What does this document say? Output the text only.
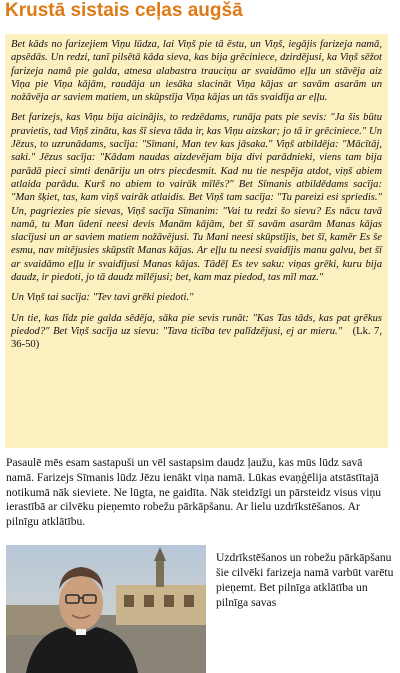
Krustā sistais ceļas augšā

Bet kāds no farizejiem Viņu lūdza, lai Viņš pie tā ēstu, un Viņš, iegājis farizeja namā, apsēdās. Un redzi, tanī pilsētā kāda sieva, kas bija grēciniece, dzirdējusi, ka Viņš sēžot farizeja namā pie galda, atnesa alabastra trauciņu ar svaidāmo eļļu un stāvēja aiz Viņa pie Viņa kājām, raudāja un iesāka slacināt Viņa kājas ar savām asarām un nožāvēja ar saviem matiem, un skūpstīja Viņa kājas un tās svaidīja ar eļļu.

Bet farizejs, kas Viņu bija aicinājis, to redzēdams, runāja pats pie sevis: "Ja šis būtu pravietis, tad Viņš zinātu, kas šī sieva tāda ir, kas Viņu aizskar; jo tā ir grēciniece." Un Jēzus, to uzrunādams, sacīja: "Sīmani, Man tev kas jāsaka." Viņš atbildēja: "Mācītāj, saki." Jēzus sacīja: "Kādam naudas aizdevējam bija divi parādnieki, viens tam bija parādā pieci simti denāriju un otrs piecdesmit. Kad nu tie nespēja atdot, viņš abiem atlaida parādu. Kurš no abiem to vairāk mīlēs?" Bet Sīmanis atbildēdams sacīja: "Man šķiet, tas, kam viņš vairāk atlaidis. Bet Viņš tam sacīja: "Tu pareizi esi spriedis." Un, pagriezies pie sievas, Viņš sacīja Sīmanim: "Vai tu redzi šo sievu? Es nācu tavā namā, tu Man ūdeni neesi devis Manām kājām, bet šī savām asarām Manas kājas slacījusi un ar saviem matiem nožāvējusi. Tu Mani neesi skūpstījis, bet šī, kamēr Es še esmu, nav mitējusies skūpstīt Manas kājas. Ar eļļu tu neesi svaidījis manu galvu, bet šī ar svaidāmo eļļu ir svaidījusi Manas kājas. Tādēļ Es tev saku: viņas grēki, kuru bija daudz, ir piedoti, jo tā daudz mīlējusi; bet, kam maz piedod, tas mīl maz."

Un Viņš tai sacīja: "Tev tavi grēki piedoti."

Un tie, kas līdz pie galda sēdēja, sāka pie sevis runāt: "Kas Tas tāds, kas pat grēkus piedod?" Bet Viņš sacīja uz sievu: "Tava ticība tev palīdzējusi, ej ar mieru." (Lk. 7, 36-50)

Pasaulē mēs esam sastapuši un vēl sastapsim daudz ļaužu, kas mūs lūdz savā namā. Farizejs Sīmanis lūdz Jēzu ienākt viņa namā. Lūkas evaņģēlija atstāstītajā notikumā nāk sieviete. Ne lūgta, ne gaidīta. Nāk steidzīgi un pārsteidz visus viņu ierastībā ar cilvēku pieņemto robežu pārkāpšanu. Ar lielu uzdrīkstēšanos. Ar pilnīgu atklātību.
Uzdrīkstēšanos un robežu pārkāpšanu šie cilvēki farizeja namā varbūt varētu pieņemt. Bet pilnīga atklātība un pilnīga savas
